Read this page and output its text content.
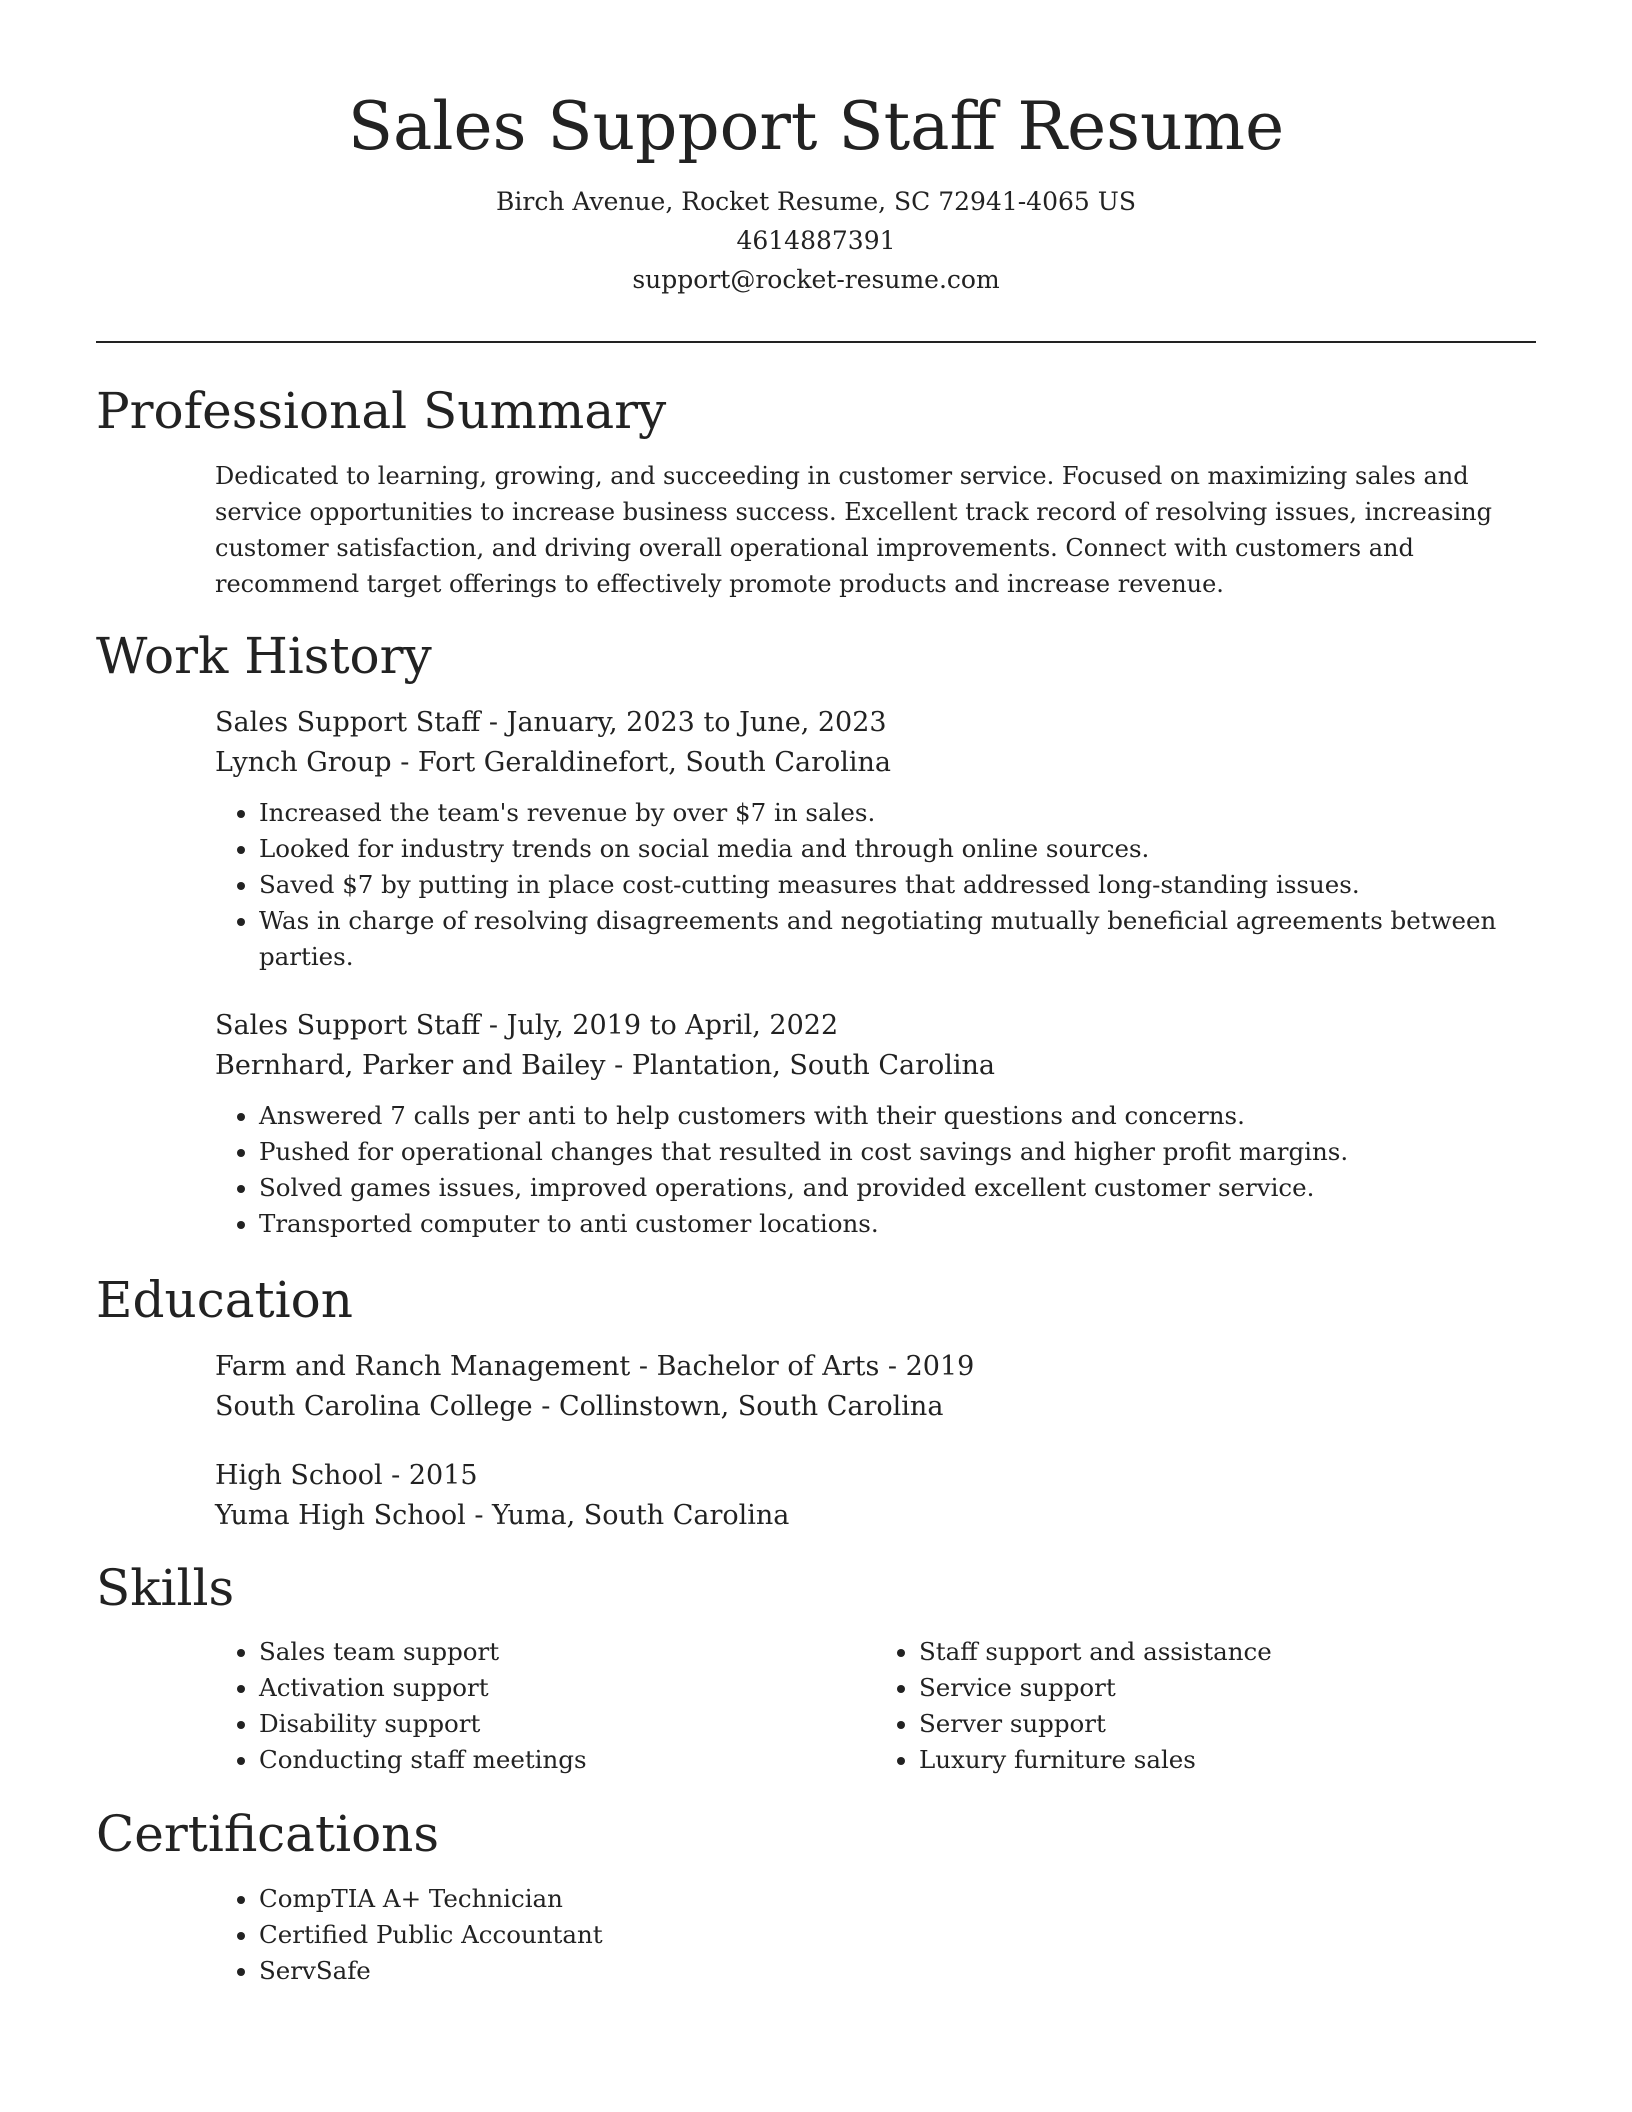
Sales Support Staff Resume
Birch Avenue, Rocket Resume, SC 72941-4065 US
4614887391
support@rocket-resume.com
Professional Summary

Dedicated to learning, growing, and succeeding in customer service. Focused on maximizing sales and service opportunities to increase business success. Excellent track record of resolving issues, increasing customer satisfaction, and driving overall operational improvements. Connect with customers and recommend target offerings to effectively promote products and increase revenue.

Work History

Sales Support Staff - January, 2023 to June, 2023

Lynch Group - Fort Geraldinefort, South Carolina

• Increased the team's revenue by over $7 in sales.
• Looked for industry trends on social media and through online sources.
• Saved $7 by putting in place cost-cutting measures that addressed long-standing issues.
• Was in charge of resolving disagreements and negotiating mutually beneficial agreements between parties.

Sales Support Staff - July, 2019 to April, 2022

Bernhard, Parker and Bailey - Plantation, South Carolina

• Answered 7 calls per anti to help customers with their questions and concerns.
• Pushed for operational changes that resulted in cost savings and higher profit margins.
• Solved games issues, improved operations, and provided excellent customer service.
• Transported computer to anti customer locations.
Education

Farm and Ranch Management - Bachelor of Arts - 2019

South Carolina College - Collinstown, South Carolina

High School - 2015

Yuma High School - Yuma, South Carolina

Skills
• Sales team support
• Activation support
• Disability support
• Conducting staff meetings
• Staff support and assistance
• Service support
• Server support
• Luxury furniture sales
Certifications
• CompTIA A+ Technician
• Certified Public Accountant
• ServSafe
